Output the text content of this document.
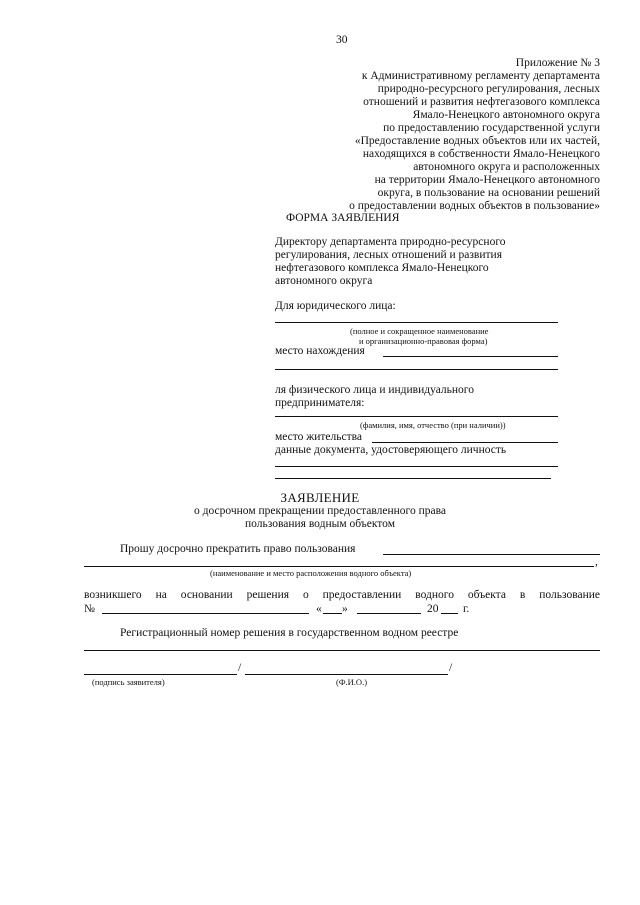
30
Приложение № 3
к Административному регламенту департамента
природно-ресурсного регулирования, лесных
отношений и развития нефтегазового комплекса
Ямало-Ненецкого автономного округа
по предоставлению государственной услуги
«Предоставление водных объектов или их частей,
находящихся в собственности Ямало-Ненецкого
автономного округа и расположенных
на территории Ямало-Ненецкого автономного
округа, в пользование на основании решений
о предоставлении водных объектов в пользование»
ФОРМА ЗАЯВЛЕНИЯ
Директору департамента природно-ресурсного
регулирования, лесных отношений и развития
нефтегазового комплекса Ямало-Ненецкого
автономного округа
Для юридического лица:
(полное и сокращенное наименование
и организационно-правовая форма)
место нахождения
ля физического лица и индивидуального
предпринимателя:
(фамилия, имя, отчество (при наличии))
место жительства
данные документа, удостоверяющего личность
ЗАЯВЛЕНИЕ
о досрочном прекращении предоставленного права
пользования водным объектом
Прошу досрочно прекратить право пользования
,
(наименование и место расположения водного объекта)
возникшего на основании решения о предоставлении водного объекта в пользование
№	« »	20 г.
Регистрационный номер решения в государственном водном реестре
/	/
(подпись заявителя)	(Ф.И.О.)
